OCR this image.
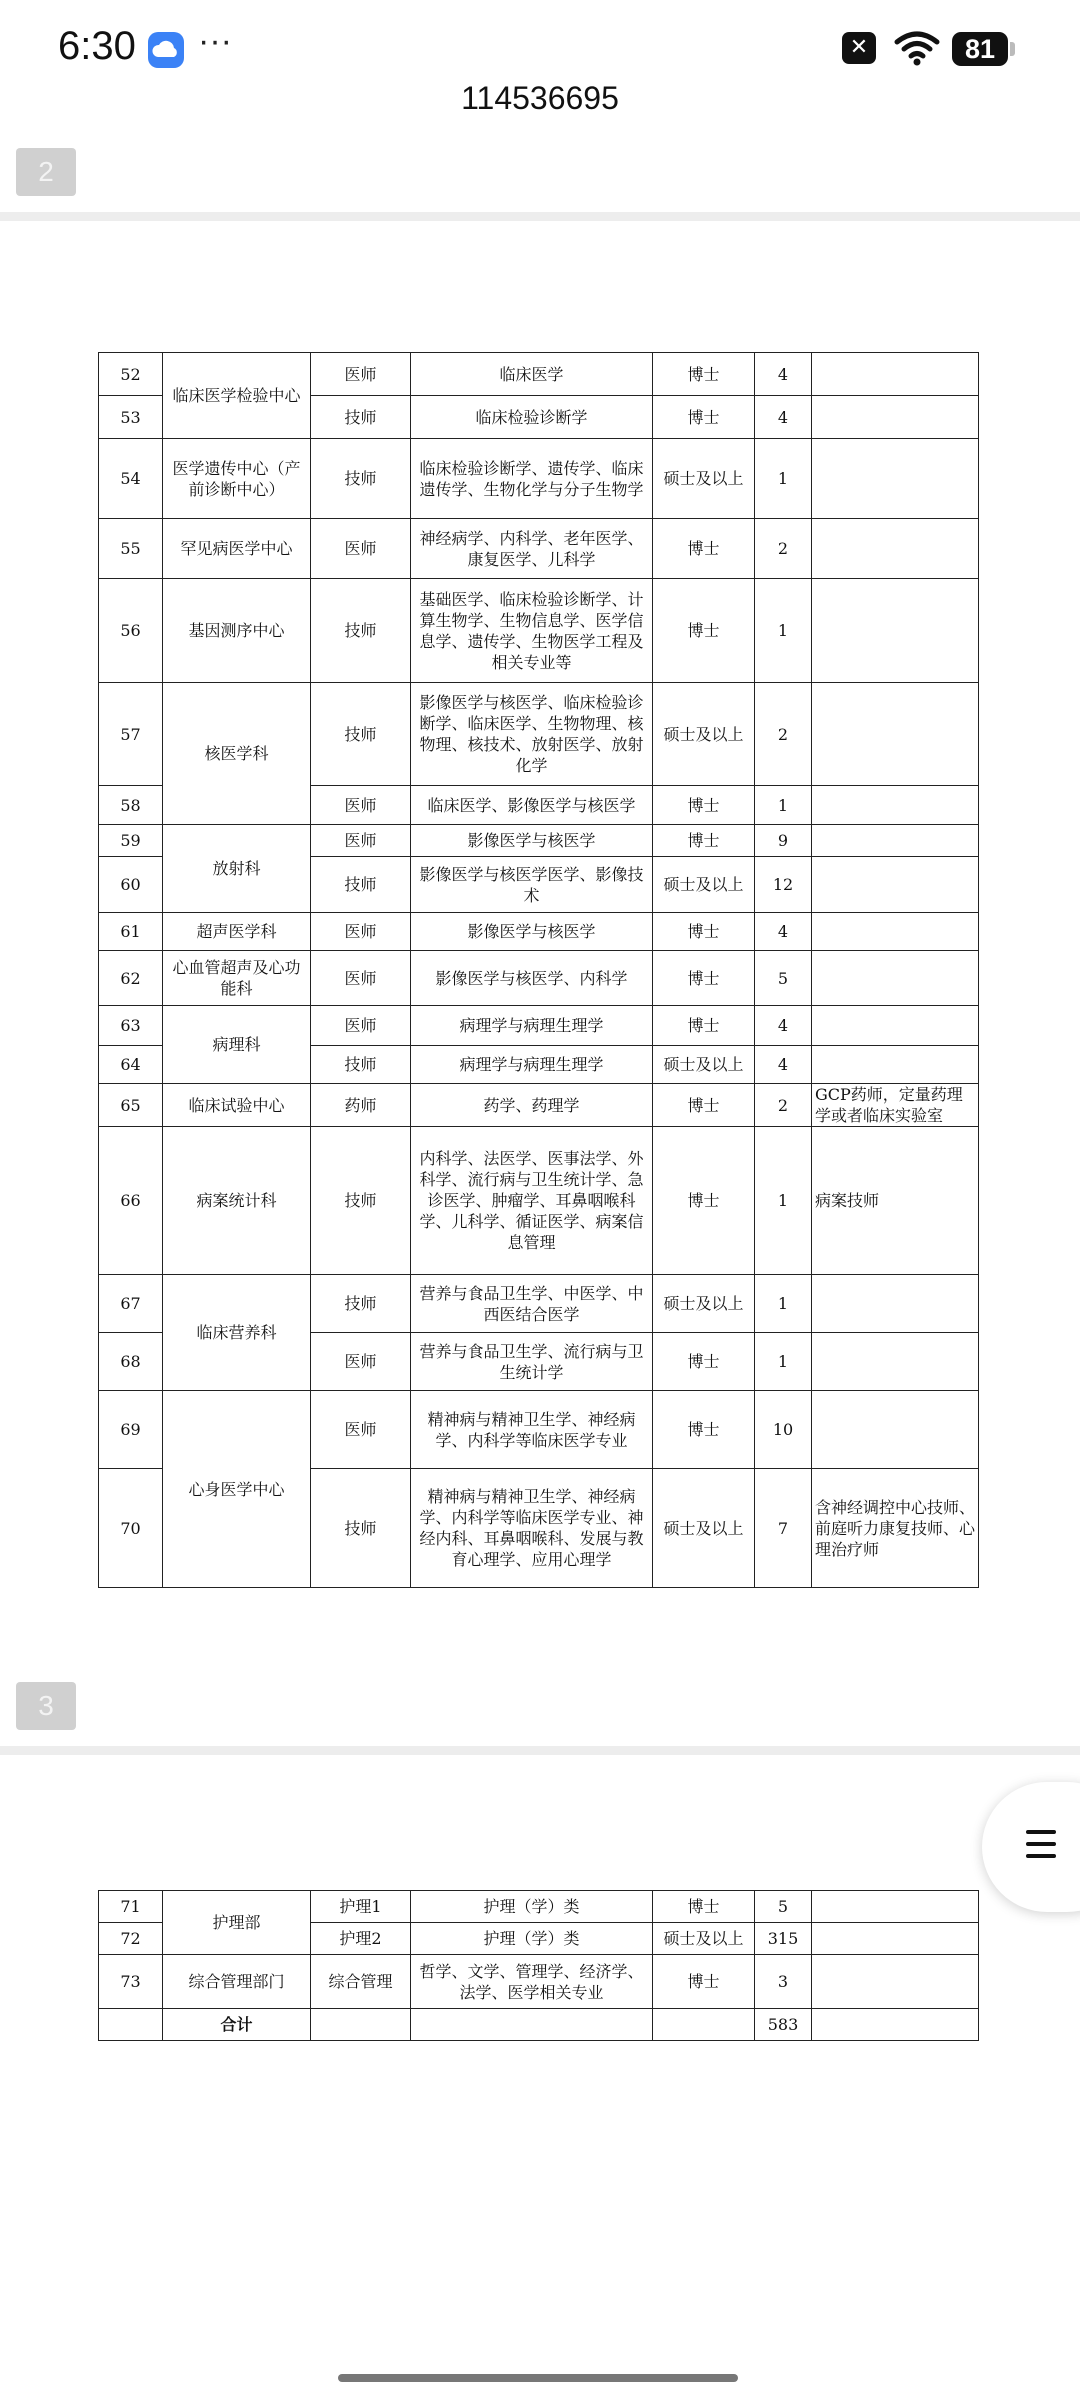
6:30 ···	✕	81
114536695
2
52	临床医学检验中心	医师	临床医学	博士	4	
53		技师	临床检验诊断学	博士	4	
54	医学遗传中心（产前诊断中心）	技师	临床检验诊断学、遗传学、临床遗传学、生物化学与分子生物学	硕士及以上	1	
55	罕见病医学中心	医师	神经病学、内科学、老年医学、康复医学、儿科学	博士	2	
56	基因测序中心	技师	基础医学、临床检验诊断学、计算生物学、生物信息学、医学信息学、遗传学、生物医学工程及相关专业等	博士	1	
57	核医学科	技师	影像医学与核医学、临床检验诊断学、临床医学、生物物理、核物理、核技术、放射医学、放射化学	硕士及以上	2	
58		医师	临床医学、影像医学与核医学	博士	1	
59	放射科	医师	影像医学与核医学	博士	9	
60		技师	影像医学与核医学医学、影像技术	硕士及以上	12	
61	超声医学科	医师	影像医学与核医学	博士	4	
62	心血管超声及心功能科	医师	影像医学与核医学、内科学	博士	5	
63	病理科	医师	病理学与病理生理学	博士	4	
64		技师	病理学与病理生理学	硕士及以上	4	
65	临床试验中心	药师	药学、药理学	博士	2	GCP药师，定量药理学或者临床实验室
66	病案统计科	技师	内科学、法医学、医事法学、外科学、流行病与卫生统计学、急诊医学、肿瘤学、耳鼻咽喉科学、儿科学、循证医学、病案信息管理	博士	1	病案技师
67	临床营养科	技师	营养与食品卫生学、中医学、中西医结合医学	硕士及以上	1	
68		医师	营养与食品卫生学、流行病与卫生统计学	博士	1	
69	心身医学中心	医师	精神病与精神卫生学、神经病学、内科学等临床医学专业	博士	10	
70		技师	精神病与精神卫生学、神经病学、内科学等临床医学专业、神经内科、耳鼻咽喉科、发展与教育心理学、应用心理学	硕士及以上	7	含神经调控中心技师、前庭听力康复技师、心理治疗师
3
71	护理部	护理1	护理（学）类	博士	5	
72		护理2	护理（学）类	硕士及以上	315	
73	综合管理部门	综合管理	哲学、文学、管理学、经济学、法学、医学相关专业	博士	3	
	合计				583	
